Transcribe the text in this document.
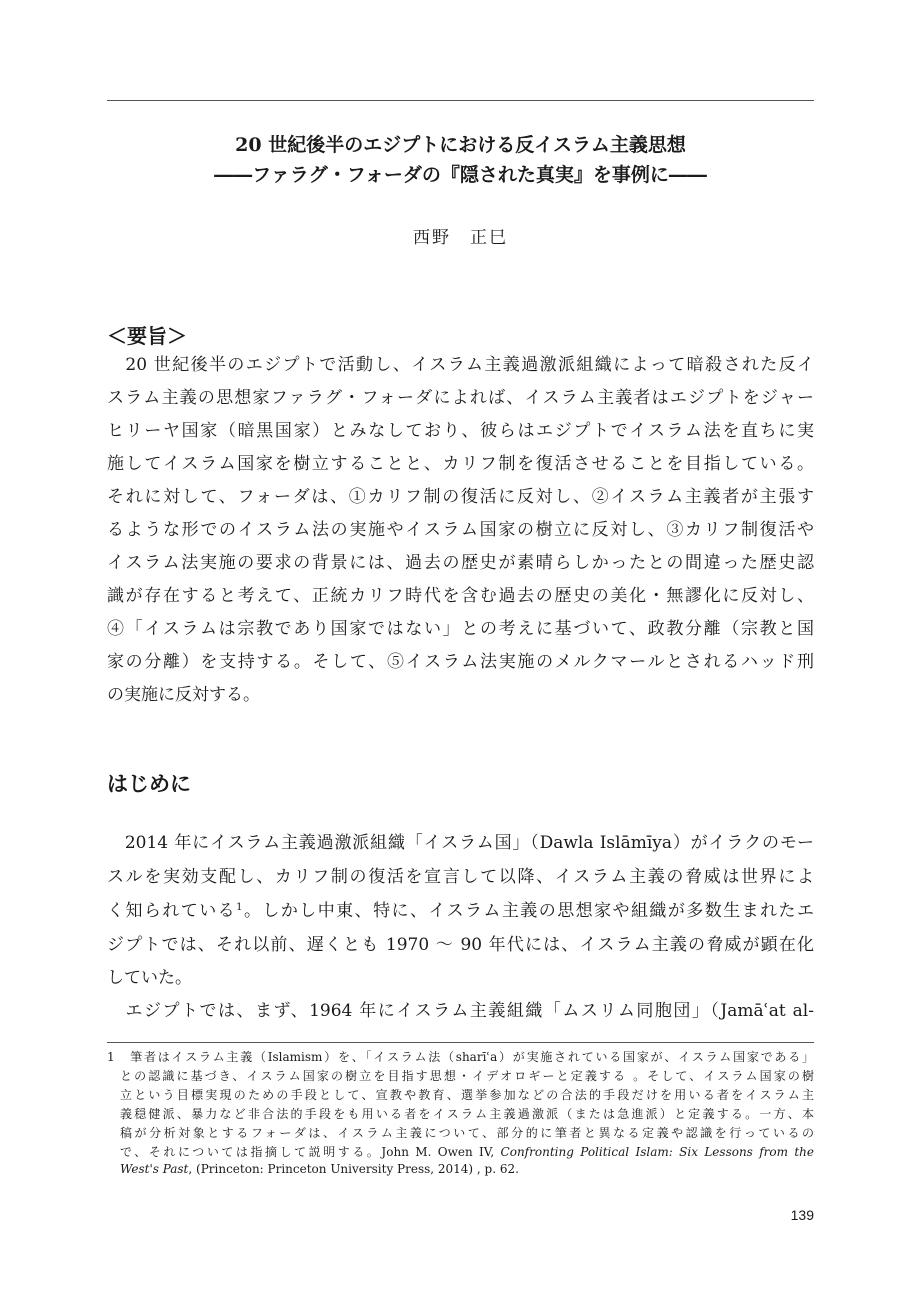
20 世紀後半のエジプトにおける反イスラム主義思想
――ファラグ・フォーダの『隠された真実』を事例に――
西野　正巳
＜要旨＞
　20 世紀後半のエジプトで活動し、イスラム主義過激派組織によって暗殺された反イ
スラム主義の思想家ファラグ・フォーダによれば、イスラム主義者はエジプトをジャー
ヒリーヤ国家（暗黒国家）とみなしており、彼らはエジプトでイスラム法を直ちに実
施してイスラム国家を樹立することと、カリフ制を復活させることを目指している。
それに対して、フォーダは、①カリフ制の復活に反対し、②イスラム主義者が主張す
るような形でのイスラム法の実施やイスラム国家の樹立に反対し、③カリフ制復活や
イスラム法実施の要求の背景には、過去の歴史が素晴らしかったとの間違った歴史認
識が存在すると考えて、正統カリフ時代を含む過去の歴史の美化・無謬化に反対し、
④「イスラムは宗教であり国家ではない」との考えに基づいて、政教分離（宗教と国
家の分離）を支持する。そして、⑤イスラム法実施のメルクマールとされるハッド刑
の実施に反対する。
はじめに
　2014 年にイスラム主義過激派組織「イスラム国」（Dawla Islāmīya）がイラクのモー
スルを実効支配し、カリフ制の復活を宣言して以降、イスラム主義の脅威は世界によ
く知られている$^1$。しかし中東、特に、イスラム主義の思想家や組織が多数生まれたエ
ジプトでは、それ以前、遅くとも 1970 ～ 90 年代には、イスラム主義の脅威が顕在化
していた。
　エジプトでは、まず、1964 年にイスラム主義組織「ムスリム同胞団」（Jamāʿat al-
1　筆者はイスラム主義（Islamism）を、「イスラム法（sharīʿa）が実施されている国家が、イスラム国家である」
との認識に基づき、イスラム国家の樹立を目指す思想・イデオロギーと定義する 。そして、イスラム国家の樹
立という目標実現のための手段として、宣教や教育、選挙参加などの合法的手段だけを用いる者をイスラム主
義穏健派、暴力など非合法的手段をも用いる者をイスラム主義過激派（または急進派）と定義する。一方、本
稿が分析対象とするフォーダは、イスラム主義について、部分的に筆者と異なる定義や認識を行っているの
で、それについては指摘して説明する。John M. Owen IV, Confronting Political Islam: Six Lessons from the
West's Past, (Princeton: Princeton University Press, 2014) , p. 62.
139
